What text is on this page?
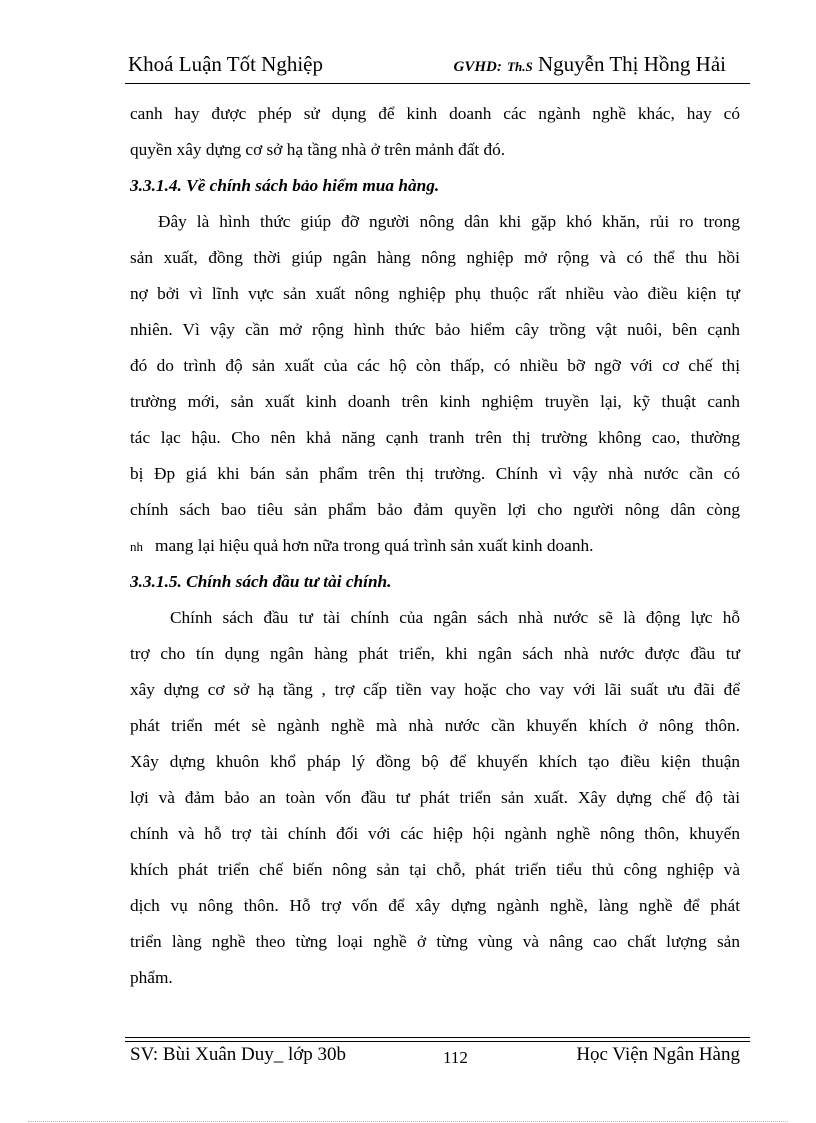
Khoá Luận Tốt Nghiệp	GVHD: Th.S Nguyễn Thị Hồng Hải
canh hay được phép sử dụng để kinh doanh các ngành nghề khác, hay có
quyền xây dựng cơ sở hạ tầng nhà ở trên mảnh đất đó.
3.3.1.4. Về chính sách bảo hiểm mua hàng.
Đây là hình thức giúp đỡ người nông dân khi gặp khó khăn, rủi ro trong
sản xuất, đồng thời giúp ngân hàng nông nghiệp mở rộng và có thể thu hồi
nợ bởi vì lĩnh vực sản xuất nông nghiệp phụ thuộc rất nhiều vào điều kiện tự
nhiên. Vì vậy cần mở rộng hình thức bảo hiểm cây trồng vật nuôi, bên cạnh
đó do trình độ sản xuất của các hộ còn thấp, có nhiều bỡ ngỡ với cơ chế thị
trường mới, sản xuất kinh doanh trên kinh nghiệm truyền lại, kỹ thuật canh
tác lạc hậu. Cho nên khả năng cạnh tranh trên thị trường không cao, thường
bị Đp giá khi bán sản phẩm trên thị trường. Chính vì vậy nhà nước cần có
chính sách bao tiêu sản phẩm bảo đảm quyền lợi cho người nông dân còng
nh mang lại hiệu quả hơn nữa trong quá trình sản xuất kinh doanh.
3.3.1.5. Chính sách đầu tư tài chính.
Chính sách đầu tư tài chính của ngân sách nhà nước sẽ là động lực hỗ
trợ cho tín dụng ngân hàng phát triển, khi ngân sách nhà nước được đầu tư
xây dựng cơ sở hạ tầng , trợ cấp tiền vay hoặc cho vay với lãi suất ưu đãi để
phát triển mét sè ngành nghề mà nhà nước cần khuyến khích ở nông thôn.
Xây dựng khuôn khổ pháp lý đồng bộ để khuyến khích tạo điều kiện thuận
lợi và đảm bảo an toàn vốn đầu tư phát triển sản xuất. Xây dựng chế độ tài
chính và hỗ trợ tài chính đối với các hiệp hội ngành nghề nông thôn, khuyến
khích phát triển chế biến nông sản tại chỗ, phát triển tiểu thủ công nghiệp và
dịch vụ nông thôn. Hỗ trợ vốn để xây dựng ngành nghề, làng nghề để phát
triển làng nghề theo từng loại nghề ở từng vùng và nâng cao chất lượng sản
phẩm.
SV: Bùi Xuân Duy_ lớp 30b	112	Học Viện Ngân Hàng
